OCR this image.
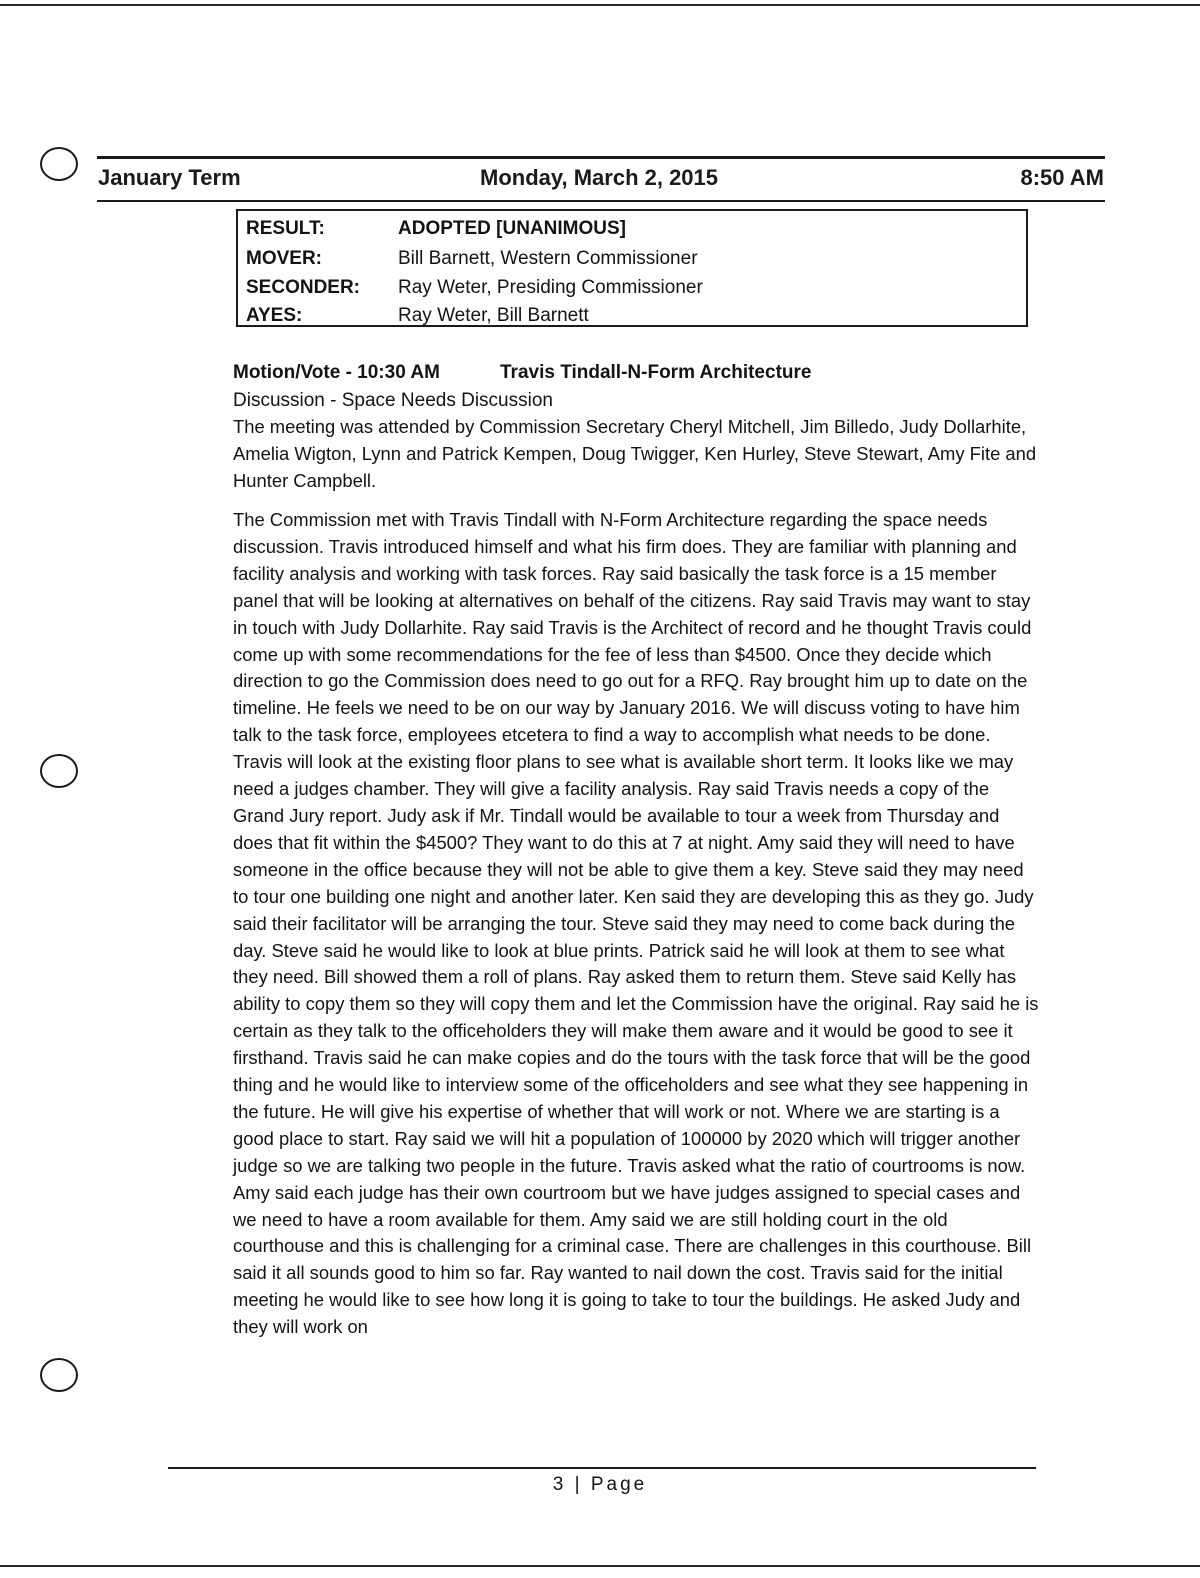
January Term	Monday, March 2, 2015	8:50 AM
RESULT:	ADOPTED [UNANIMOUS]
MOVER:	Bill Barnett, Western Commissioner
SECONDER: Ray Weter, Presiding Commissioner
AYES:	Ray Weter, Bill Barnett
Motion/Vote - 10:30 AM	Travis Tindall-N-Form Architecture
Discussion - Space Needs Discussion

The meeting was attended by Commission Secretary Cheryl Mitchell, Jim Billedo, Judy Dollarhite, Amelia Wigton, Lynn and Patrick Kempen, Doug Twigger, Ken Hurley, Steve Stewart, Amy Fite and Hunter Campbell.

The Commission met with Travis Tindall with N-Form Architecture regarding the space needs discussion. Travis introduced himself and what his firm does. They are familiar with planning and facility analysis and working with task forces. Ray said basically the task force is a 15 member panel that will be looking at alternatives on behalf of the citizens. Ray said Travis may want to stay in touch with Judy Dollarhite. Ray said Travis is the Architect of record and he thought Travis could come up with some recommendations for the fee of less than $4500. Once they decide which direction to go the Commission does need to go out for a RFQ. Ray brought him up to date on the timeline. He feels we need to be on our way by January 2016. We will discuss voting to have him talk to the task force, employees etcetera to find a way to accomplish what needs to be done. Travis will look at the existing floor plans to see what is available short term. It looks like we may need a judges chamber. They will give a facility analysis. Ray said Travis needs a copy of the Grand Jury report. Judy ask if Mr. Tindall would be available to tour a week from Thursday and does that fit within the $4500? They want to do this at 7 at night. Amy said they will need to have someone in the office because they will not be able to give them a key. Steve said they may need to tour one building one night and another later. Ken said they are developing this as they go. Judy said their facilitator will be arranging the tour. Steve said they may need to come back during the day. Steve said he would like to look at blue prints. Patrick said he will look at them to see what they need. Bill showed them a roll of plans. Ray asked them to return them. Steve said Kelly has ability to copy them so they will copy them and let the Commission have the original. Ray said he is certain as they talk to the officeholders they will make them aware and it would be good to see it firsthand. Travis said he can make copies and do the tours with the task force that will be the good thing and he would like to interview some of the officeholders and see what they see happening in the future. He will give his expertise of whether that will work or not. Where we are starting is a good place to start. Ray said we will hit a population of 100000 by 2020 which will trigger another judge so we are talking two people in the future. Travis asked what the ratio of courtrooms is now. Amy said each judge has their own courtroom but we have judges assigned to special cases and we need to have a room available for them. Amy said we are still holding court in the old courthouse and this is challenging for a criminal case. There are challenges in this courthouse. Bill said it all sounds good to him so far. Ray wanted to nail down the cost. Travis said for the initial meeting he would like to see how long it is going to take to tour the buildings. He asked Judy and they will work on

3 | Page
